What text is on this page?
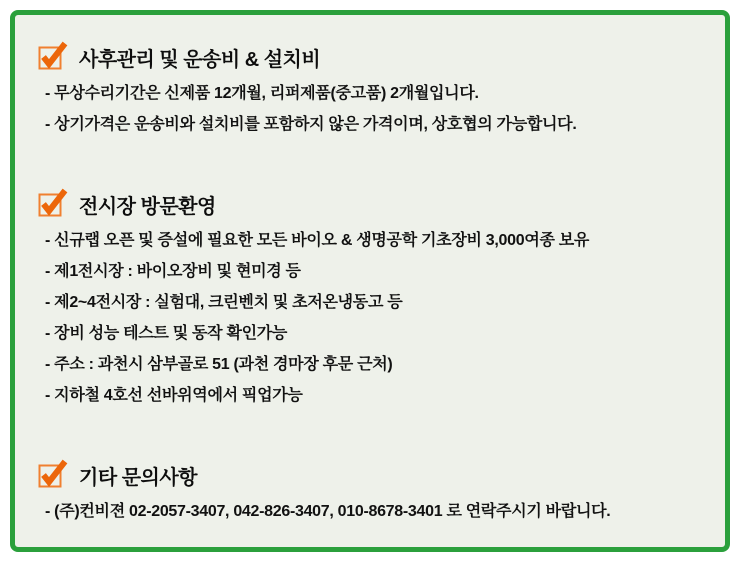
사후관리 및 운송비 & 설치비

- 무상수리기간은 신제품 12개월, 리퍼제품(중고품) 2개월입니다.

- 상기가격은 운송비와 설치비를 포함하지 않은 가격이며, 상호협의 가능합니다.

전시장 방문환영

- 신규랩 오픈 및 증설에 필요한 모든 바이오 & 생명공학 기초장비 3,000여종 보유

- 제1전시장 : 바이오장비 및 현미경 등

- 제2~4전시장 : 실험대, 크린벤치 및 초저온냉동고 등

- 장비 성능 테스트 및 동작 확인가능

- 주소 : 과천시 삼부골로 51 (과천 경마장 후문 근처)

- 지하철 4호선 선바위역에서 픽업가능

기타 문의사항

- (주)컨비젼 02-2057-3407, 042-826-3407, 010-8678-3401 로 연락주시기 바랍니다.
